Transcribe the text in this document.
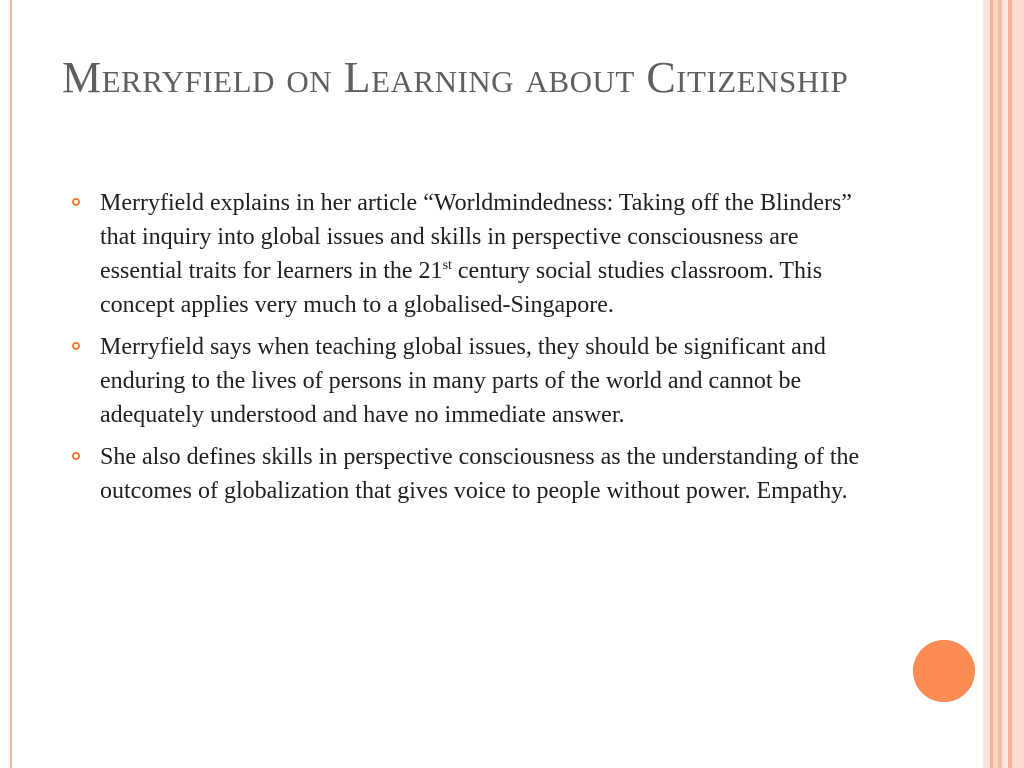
Merryfield on Learning about Citizenship
Merryfield explains in her article “Worldmindedness: Taking off the Blinders” that inquiry into global issues and skills in perspective consciousness are essential traits for learners in the 21st century social studies classroom. This concept applies very much to a globalised-Singapore.
Merryfield says when teaching global issues, they should be significant and enduring to the lives of persons in many parts of the world and cannot be adequately understood and have no immediate answer.
She also defines skills in perspective consciousness as the understanding of the outcomes of globalization that gives voice to people without power. Empathy.
